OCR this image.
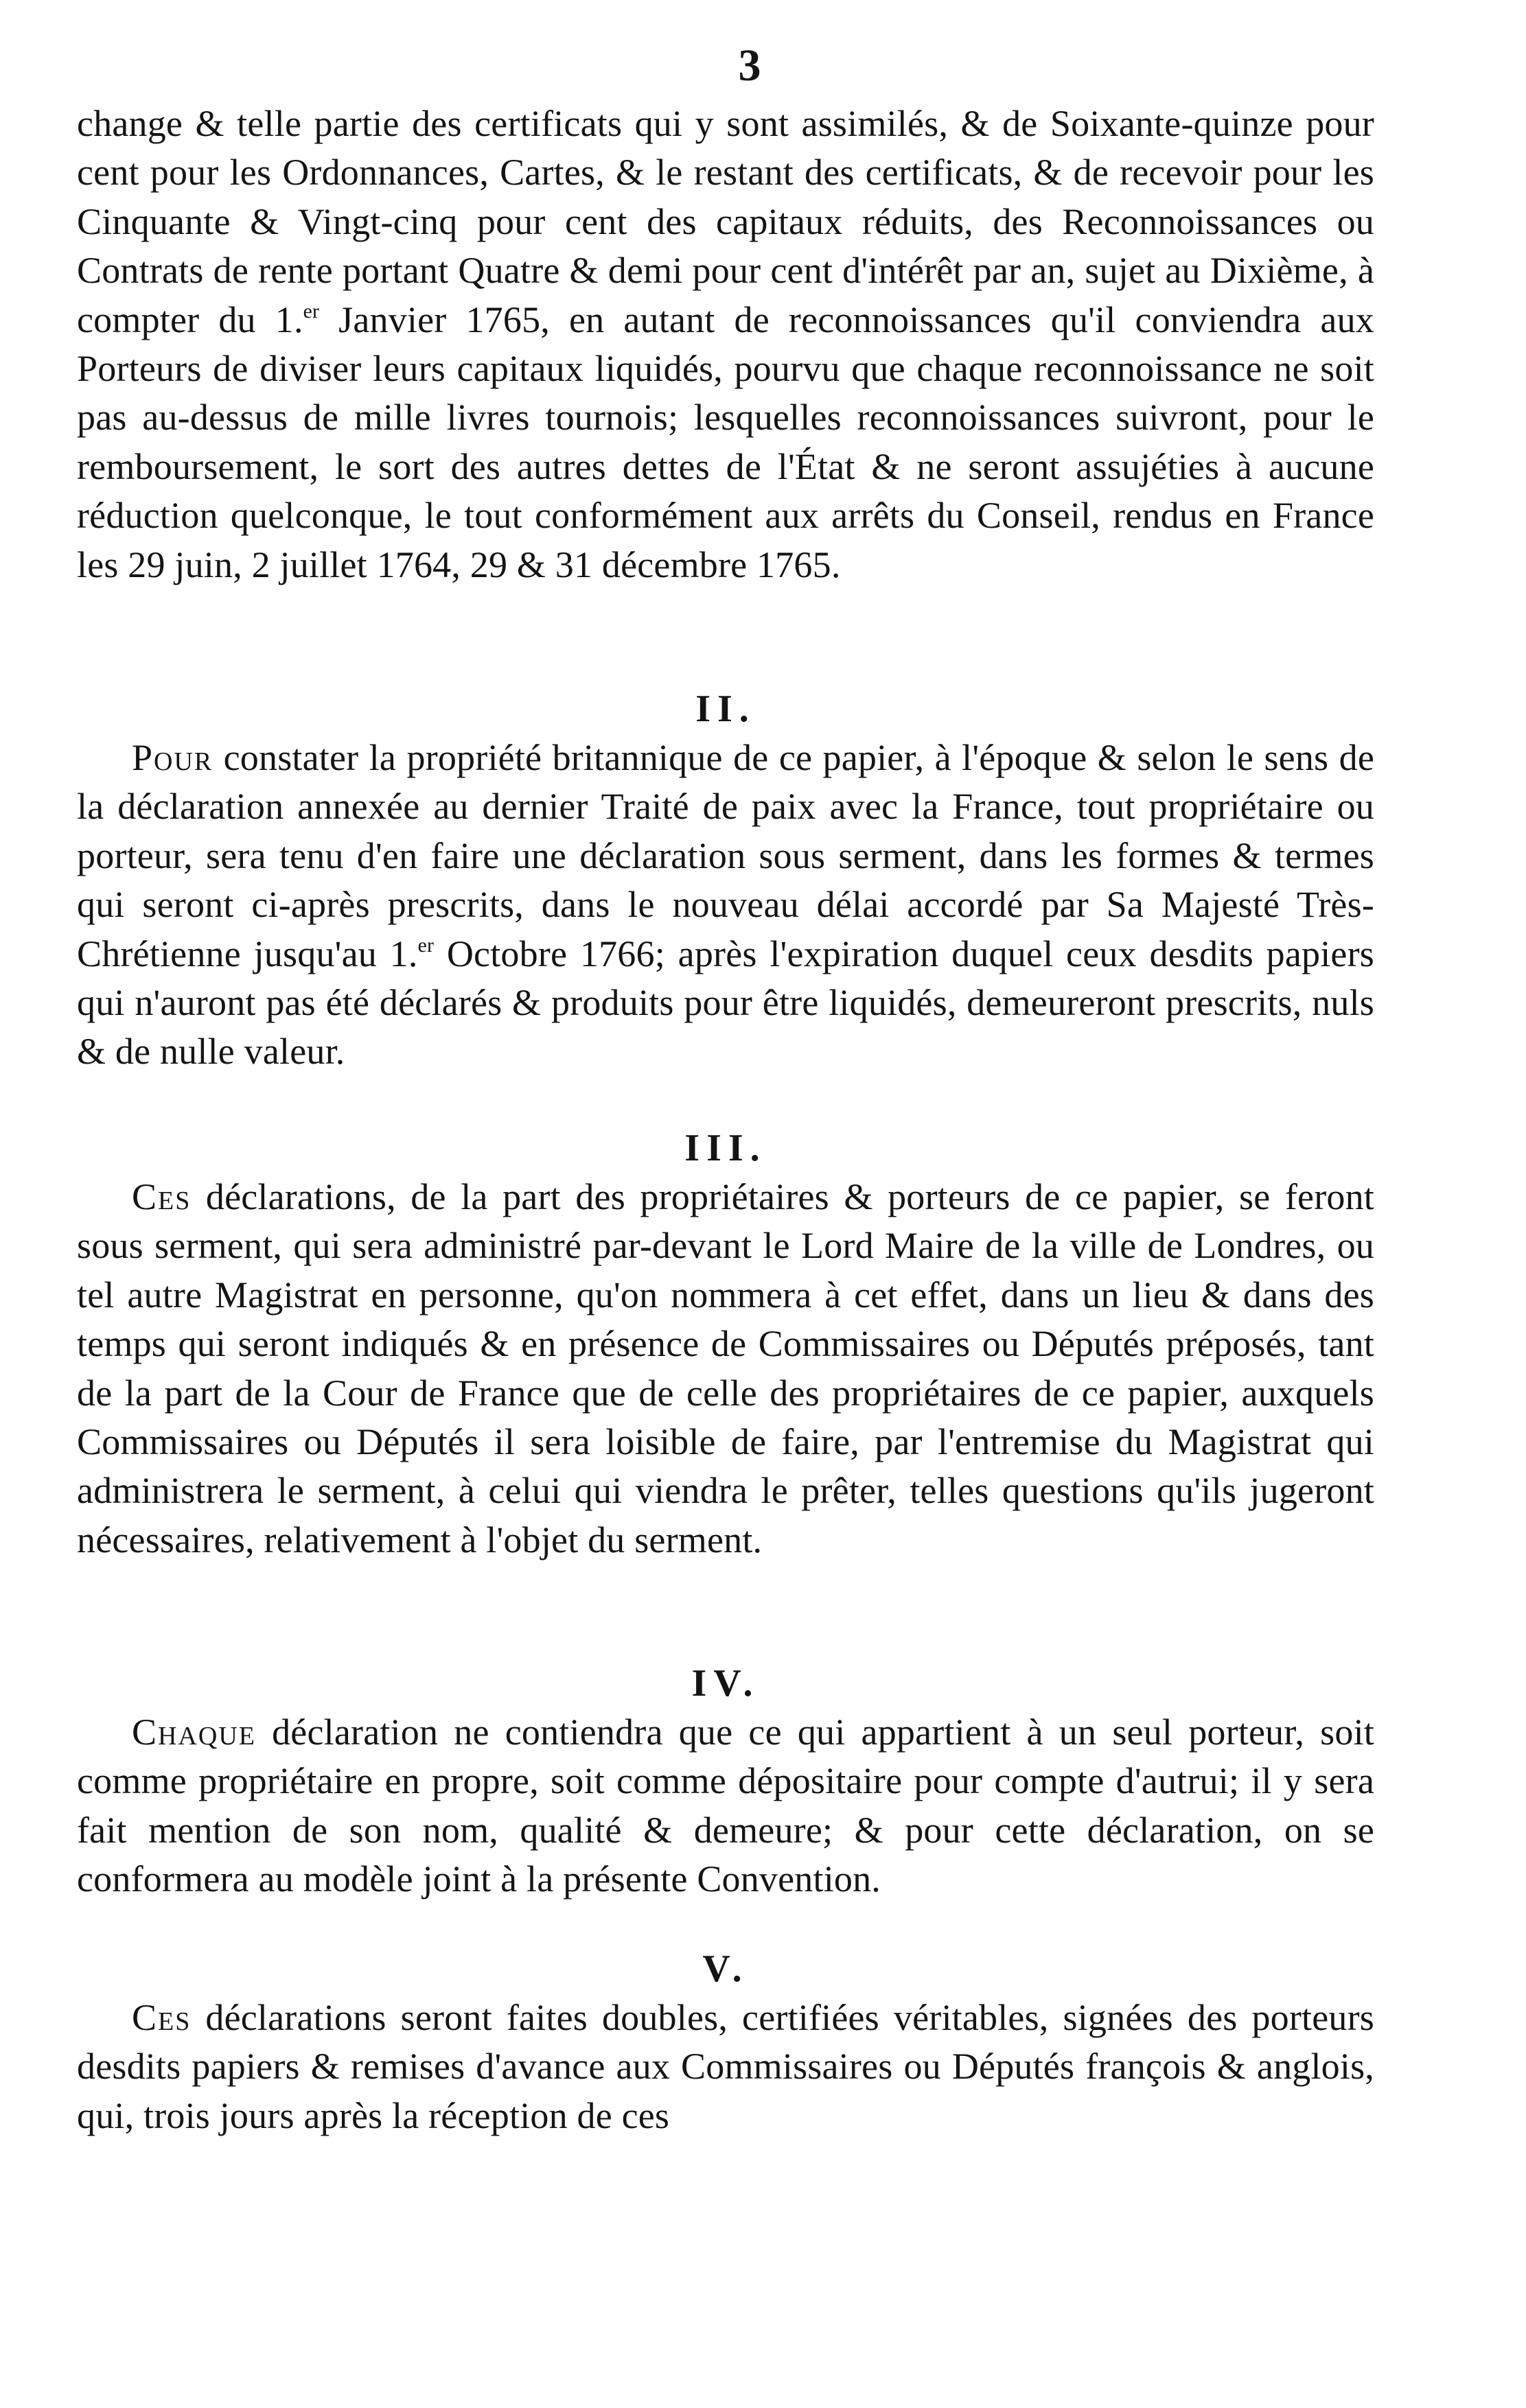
3

change & telle partie des certificats qui y sont assimilés, & de Soixante-quinze pour cent pour les Ordonnances, Cartes, & le restant des certificats, & de recevoir pour les Cinquante & Vingt-cinq pour cent des capitaux réduits, des Reconnoissances ou Contrats de rente portant Quatre & demi pour cent d'intérêt par an, sujet au Dixième, à compter du 1.$^{er}$ Janvier 1765, en autant de reconnoissances qu'il conviendra aux Porteurs de diviser leurs capitaux liquidés, pourvu que chaque reconnoissance ne soit pas au-dessus de mille livres tournois; lesquelles reconnoissances suivront, pour le remboursement, le sort des autres dettes de l'État & ne seront assujéties à aucune réduction quelconque, le tout conformément aux arrêts du Conseil, rendus en France les 29 juin, 2 juillet 1764, 29 & 31 décembre 1765.

II.

Pour constater la propriété britannique de ce papier, à l'époque & selon le sens de la déclaration annexée au dernier Traité de paix avec la France, tout propriétaire ou porteur, sera tenu d'en faire une déclaration sous serment, dans les formes & termes qui seront ci-après prescrits, dans le nouveau délai accordé par Sa Majesté Très-Chrétienne jusqu'au 1.$^{er}$ Octobre 1766; après l'expiration duquel ceux desdits papiers qui n'auront pas été déclarés & produits pour être liquidés, demeureront prescrits, nuls & de nulle valeur.

III.

Ces déclarations, de la part des propriétaires & porteurs de ce papier, se feront sous serment, qui sera administré par-devant le Lord Maire de la ville de Londres, ou tel autre Magistrat en personne, qu'on nommera à cet effet, dans un lieu & dans des temps qui seront indiqués & en présence de Commissaires ou Députés préposés, tant de la part de la Cour de France que de celle des propriétaires de ce papier, auxquels Commissaires ou Députés il sera loisible de faire, par l'entremise du Magistrat qui administrera le serment, à celui qui viendra le prêter, telles questions qu'ils jugeront nécessaires, relativement à l'objet du serment.

IV.

Chaque déclaration ne contiendra que ce qui appartient à un seul porteur, soit comme propriétaire en propre, soit comme dépositaire pour compte d'autrui; il y sera fait mention de son nom, qualité & demeure; & pour cette déclaration, on se conformera au modèle joint à la présente Convention.

V.

Ces déclarations seront faites doubles, certifiées véritables, signées des porteurs desdits papiers & remises d'avance aux Commissaires ou Députés françois & anglois, qui, trois jours après la réception de ces
